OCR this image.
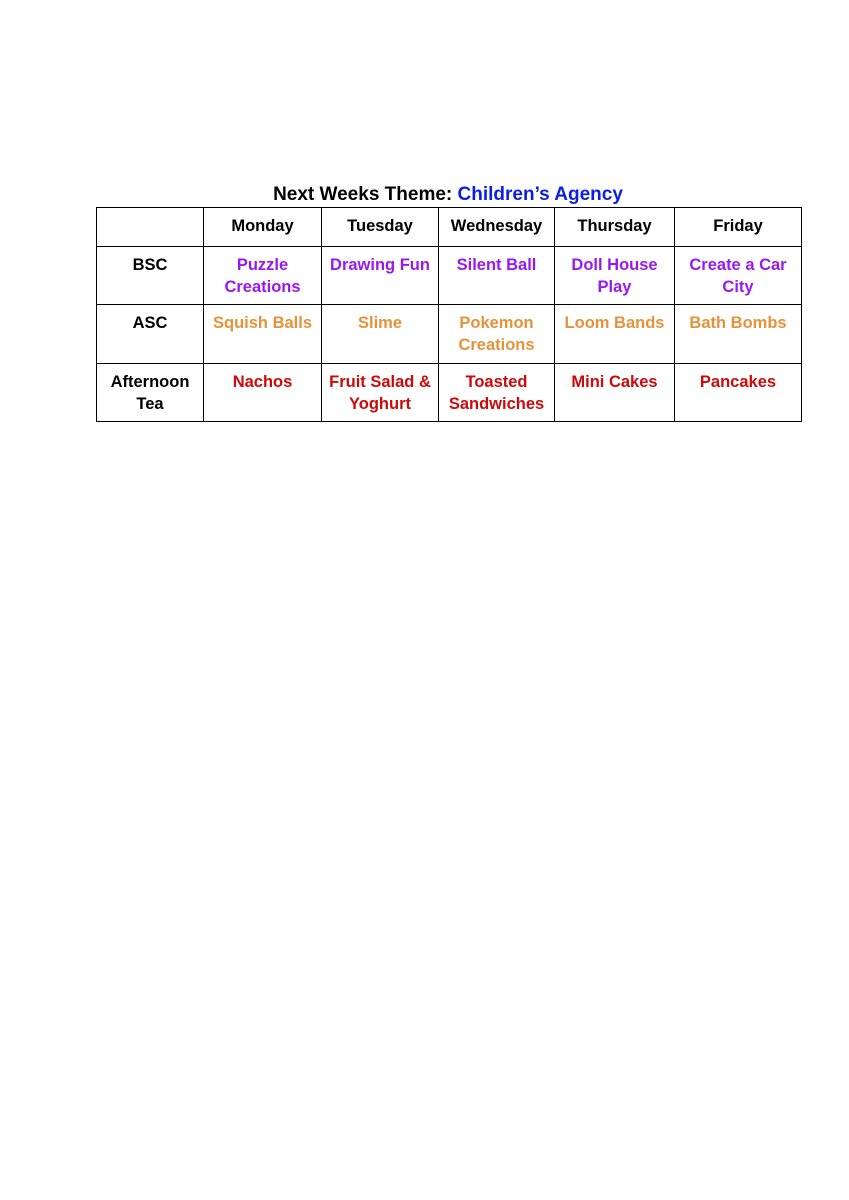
Next Weeks Theme: Children’s Agency
	Monday	Tuesday	Wednesday	Thursday	Friday

BSC	Puzzle Creations	Drawing Fun	Silent Ball	Doll House Play	Create a Car City

ASC	Squish Balls	Slime	Pokemon Creations	Loom Bands	Bath Bombs

Afternoon Tea	Nachos	Fruit Salad & Yoghurt	Toasted Sandwiches	Mini Cakes	Pancakes
